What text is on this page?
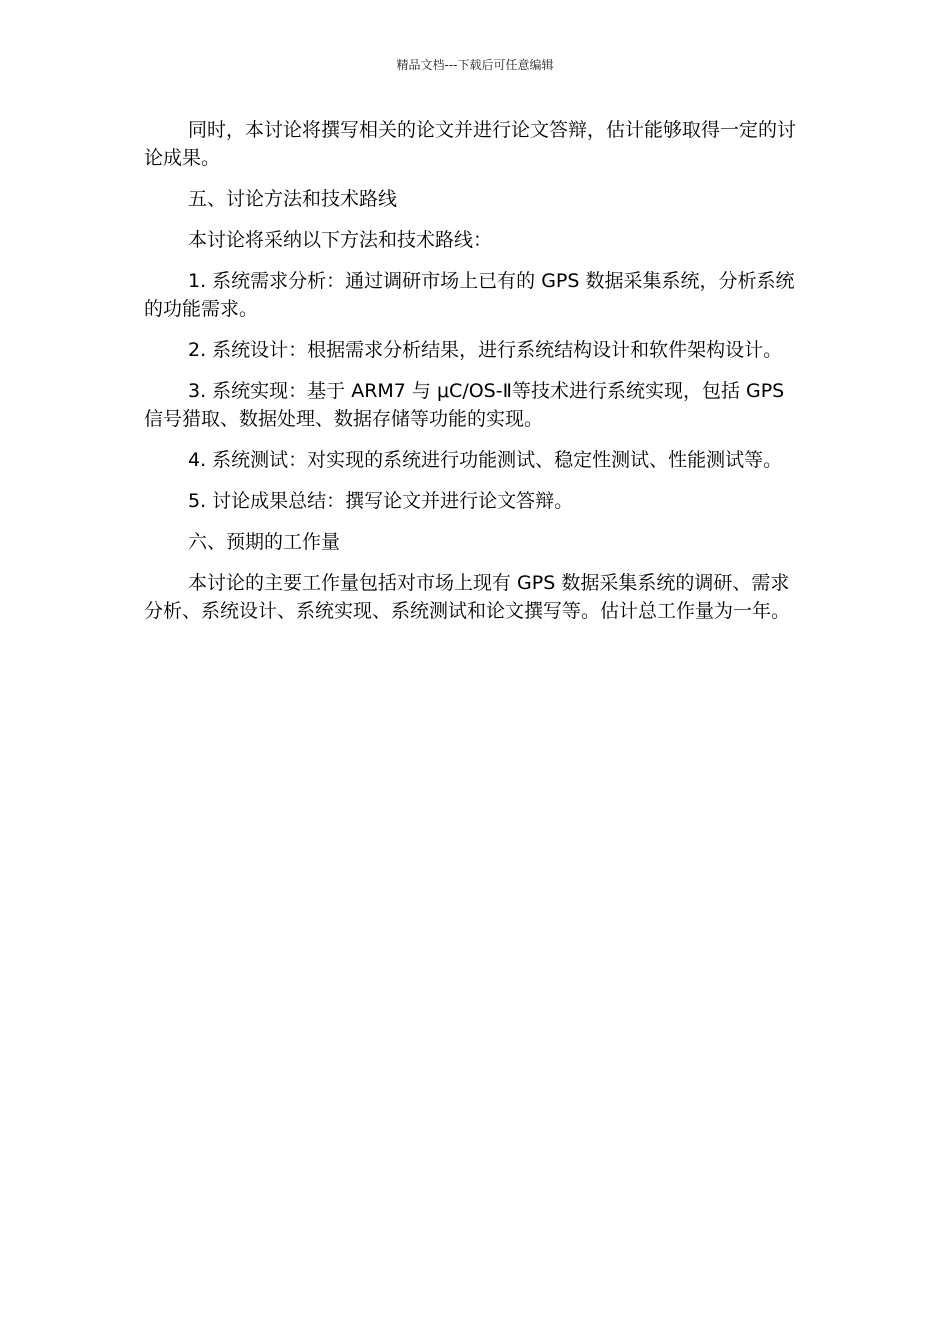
精品文档---下载后可任意编辑

同时，本讨论将撰写相关的论文并进行论文答辩，估计能够取得一定的讨论成果。

五、讨论方法和技术路线

本讨论将采纳以下方法和技术路线：

1. 系统需求分析：通过调研市场上已有的 GPS 数据采集系统，分析系统的功能需求。

2. 系统设计：根据需求分析结果，进行系统结构设计和软件架构设计。

3. 系统实现：基于 ARM7 与 μC/OS-Ⅱ等技术进行系统实现，包括 GPS 信号猎取、数据处理、数据存储等功能的实现。

4. 系统测试：对实现的系统进行功能测试、稳定性测试、性能测试等。

5. 讨论成果总结：撰写论文并进行论文答辩。

六、预期的工作量

本讨论的主要工作量包括对市场上现有 GPS 数据采集系统的调研、需求分析、系统设计、系统实现、系统测试和论文撰写等。估计总工作量为一年。
